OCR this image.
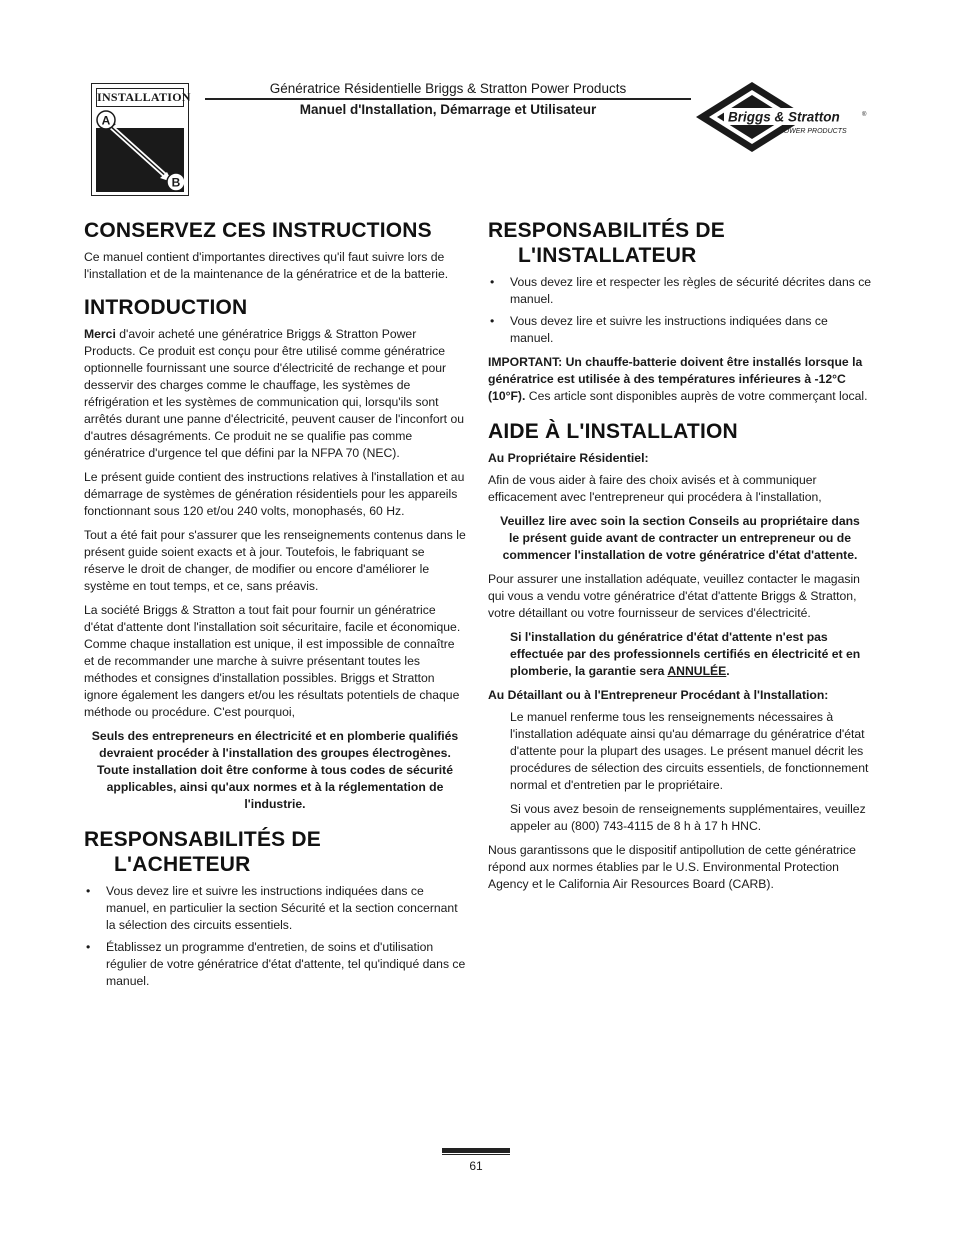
INSTALLATION
A
B
Génératrice Résidentielle Briggs & Stratton Power Products
Manuel d'Installation, Démarrage et Utilisateur	Briggs & Stratton	®
POWER PRODUCTS
CONSERVEZ CES INSTRUCTIONS

Ce manuel contient d'importantes directives qu'il faut suivre lors de l'installation et de la maintenance de la génératrice et de la batterie.

INTRODUCTION

Merci d'avoir acheté une génératrice Briggs & Stratton Power Products. Ce produit est conçu pour être utilisé comme génératrice optionnelle fournissant une source d'électricité de rechange et pour desservir des charges comme le chauffage, les systèmes de réfrigération et les systèmes de communication qui, lorsqu'ils sont arrêtés durant une panne d'électricité, peuvent causer de l'inconfort ou d'autres désagréments. Ce produit ne se qualifie pas comme génératrice d'urgence tel que défini par la NFPA 70 (NEC).

Le présent guide contient des instructions relatives à l'installation et au démarrage de systèmes de génération résidentiels pour les appareils fonctionnant sous 120 et/ou 240 volts, monophasés, 60 Hz.

Tout a été fait pour s'assurer que les renseignements contenus dans le présent guide soient exacts et à jour. Toutefois, le fabriquant se réserve le droit de changer, de modifier ou encore d'améliorer le système en tout temps, et ce, sans préavis.

La société Briggs & Stratton a tout fait pour fournir un génératrice d'état d'attente dont l'installation soit sécuritaire, facile et économique. Comme chaque installation est unique, il est impossible de connaître et de recommander une marche à suivre présentant toutes les méthodes et consignes d'installation possibles. Briggs et Stratton ignore également les dangers et/ou les résultats potentiels de chaque méthode ou procédure. C'est pourquoi,

Seuls des entrepreneurs en électricité et en plomberie qualifiés devraient procéder à l'installation des groupes électrogènes. Toute installation doit être conforme à tous codes de sécurité applicables, ainsi qu'aux normes et à la réglementation de l'industrie.

RESPONSABILITÉS DE
L'ACHETEUR
• Vous devez lire et suivre les instructions indiquées dans ce manuel, en particulier la section Sécurité et la section concernant la sélection des circuits essentiels.
• Établissez un programme d'entretien, de soins et d'utilisation régulier de votre génératrice d'état d'attente, tel qu'indiqué dans ce manuel.
RESPONSABILITÉS DE
L'INSTALLATEUR
• Vous devez lire et respecter les règles de sécurité décrites dans ce manuel.
• Vous devez lire et suivre les instructions indiquées dans ce manuel.

IMPORTANT: Un chauffe-batterie doivent être installés lorsque la génératrice est utilisée à des températures inférieures à -12°C (10°F). Ces article sont disponibles auprès de votre commerçant local.

AIDE À L'INSTALLATION

Au Propriétaire Résidentiel:

Afin de vous aider à faire des choix avisés et à communiquer efficacement avec l'entrepreneur qui procédera à l'installation,

Veuillez lire avec soin la section Conseils au propriétaire dans le présent guide avant de contracter un entrepreneur ou de commencer l'installation de votre génératrice d'état d'attente.

Pour assurer une installation adéquate, veuillez contacter le magasin qui vous a vendu votre génératrice d'état d'attente Briggs & Stratton, votre détaillant ou votre fournisseur de services d'électricité.

Si l'installation du génératrice d'état d'attente n'est pas effectuée par des professionnels certifiés en électricité et en plomberie, la garantie sera ANNULÉE.

Au Détaillant ou à l'Entrepreneur Procédant à l'Installation:

Le manuel renferme tous les renseignements nécessaires à l'installation adéquate ainsi qu'au démarrage du génératrice d'état d'attente pour la plupart des usages. Le présent manuel décrit les procédures de sélection des circuits essentiels, de fonctionnement normal et d'entretien par le propriétaire.

Si vous avez besoin de renseignements supplémentaires, veuillez appeler au (800) 743-4115 de 8 h à 17 h HNC.

Nous garantissons que le dispositif antipollution de cette génératrice répond aux normes établies par le U.S. Environmental Protection Agency et le California Air Resources Board (CARB).

61
